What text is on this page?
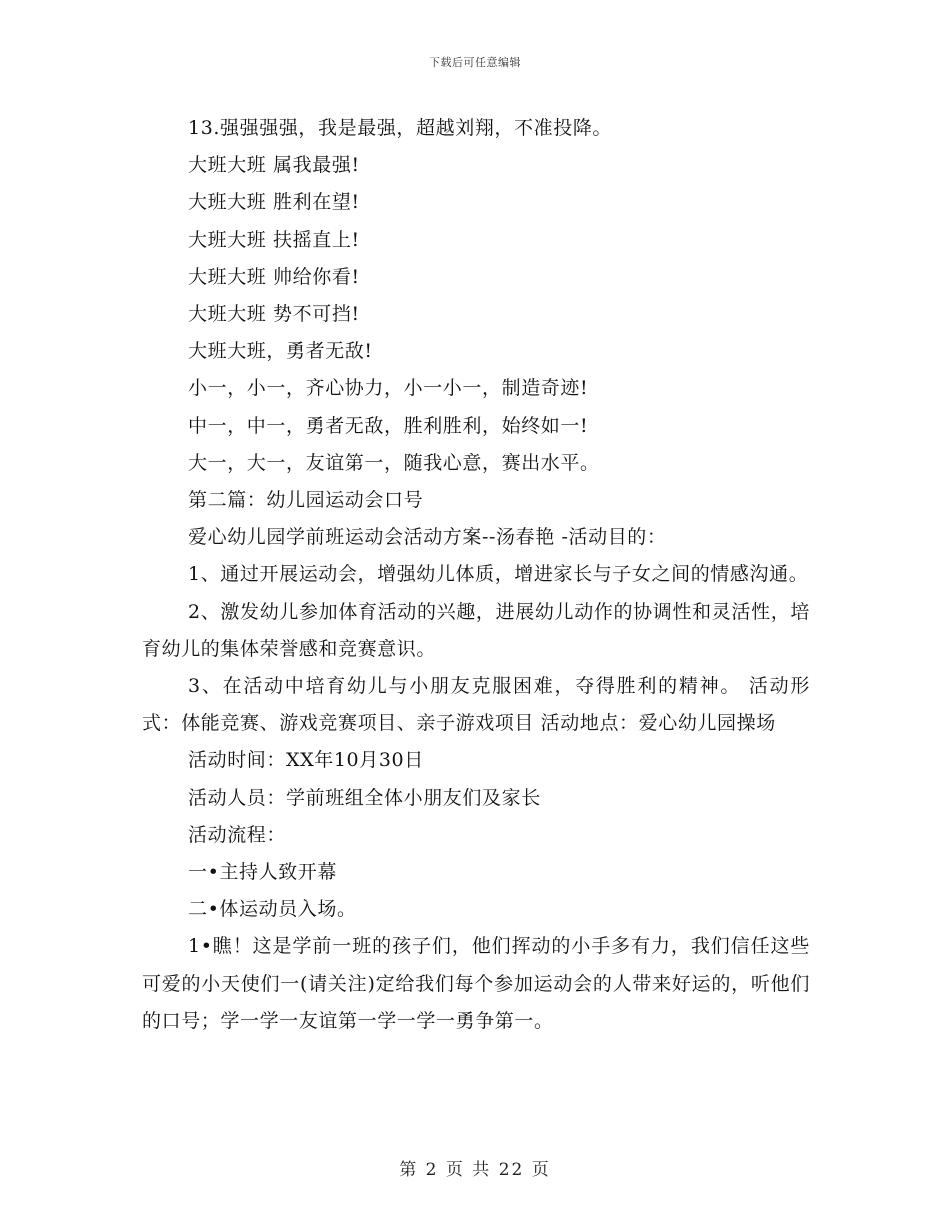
下载后可任意编辑
13.强强强强，我是最强，超越刘翔，不准投降。
大班大班 属我最强!
大班大班 胜利在望!
大班大班 扶摇直上!
大班大班 帅给你看!
大班大班 势不可挡!
大班大班，勇者无敌!
小一，小一，齐心协力，小一小一，制造奇迹!
中一，中一，勇者无敌，胜利胜利，始终如一!
大一，大一，友谊第一，随我心意，赛出水平。
第二篇：幼儿园运动会口号
爱心幼儿园学前班运动会活动方案--汤春艳 -活动目的：
1、通过开展运动会，增强幼儿体质，增进家长与子女之间的情感沟通。
2、激发幼儿参加体育活动的兴趣，进展幼儿动作的协调性和灵活性，培育幼儿的集体荣誉感和竞赛意识。
3、在活动中培育幼儿与小朋友克服困难，夺得胜利的精神。 活动形式：体能竞赛、游戏竞赛项目、亲子游戏项目 活动地点：爱心幼儿园操场
活动时间：XX年10月30日
活动人员：学前班组全体小朋友们及家长
活动流程：
一•主持人致开幕
二•体运动员入场。
1•瞧！这是学前一班的孩子们，他们挥动的小手多有力，我们信任这些可爱的小天使们一(请关注)定给我们每个参加运动会的人带来好运的，听他们的口号；学一学一友谊第一学一学一勇争第一。
第 2 页 共 22 页
